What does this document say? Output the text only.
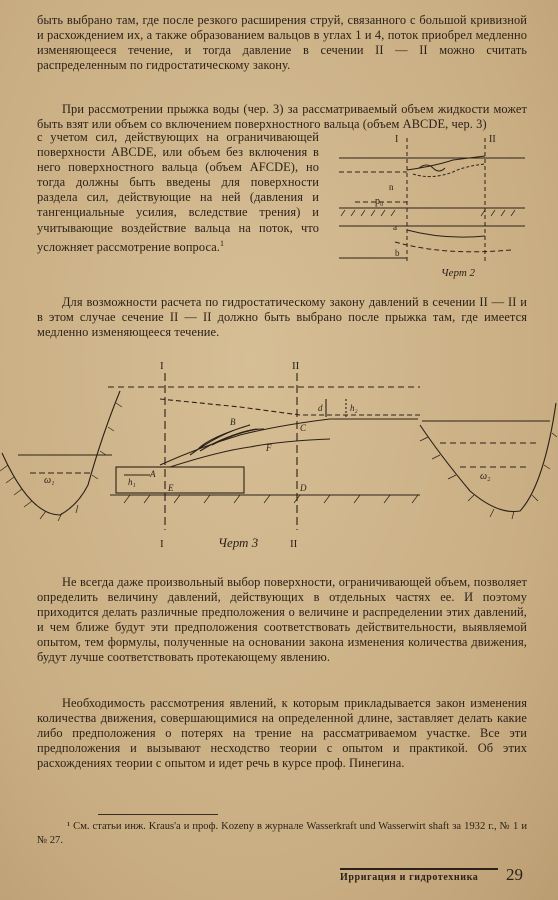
быть выбрано там, где после резкого расширения струй, связанного с большой кривизной и расхождением их, а также образованием вальцов в углах 1 и 4, поток приобрел медленно изменяющееся течение, и тогда давление в сечении II — II можно считать распределенным по гидростатическому закону.
При рассмотрении прыжка воды (чер. 3) за рассматриваемый объем жидкости может быть взят или объем со включением поверхностного вальца (объем ABCDE, чер. 3)
с учетом сил, действующих на ограничивающей поверхности ABCDE, или объем без включения в него поверхностного вальца (объем AFCDE), но тогда должны быть введены для поверхности раздела сил, действующие на ней (давления и тангенциальные усилия, вследствие трения) и учитывающие воздействие вальца на поток, что усложняет рассмотрение вопроса.$^1$
I	II
n
p₀
a
b
Черт 2
Для возможности расчета по гидростатическому закону давлений в сечении II — II и в этом случае сечение II — II должно быть выбрано после прыжка там, где имеется медленно изменяющееся течение.
I
I
II
II
A
B
C
D
E
F
ω₁	ω₂
h₁
h₂
d
Черт 3
Не всегда даже произвольный выбор поверхности, ограничивающей объем, позволяет определить величину давлений, действующих в отдельных частях ее. И поэтому приходится делать различные предположения о величине и распределении этих давлений, и чем ближе будут эти предположения соответствовать действительности, выявляемой опытом, тем формулы, полученные на основании закона изменения количества движения, будут лучше соответствовать протекающему явлению.
Необходимость рассмотрения явлений, к которым прикладывается закон изменения количества движения, совершающимися на определенной длине, заставляет делать какие либо предположения о потерях на трение на рассматриваемом участке. Все эти предположения и вызывают несходство теории с опытом и практикой. Об этих расхождениях теории с опытом и идет речь в курсе проф. Пинегина.
¹ См. статьи инж. Kraus'a и проф. Kozeny в журнале Wasserkraft und Wasserwirt shaft за 1932 г., № 1 и № 27.
Ирригация и гидротехника 29
